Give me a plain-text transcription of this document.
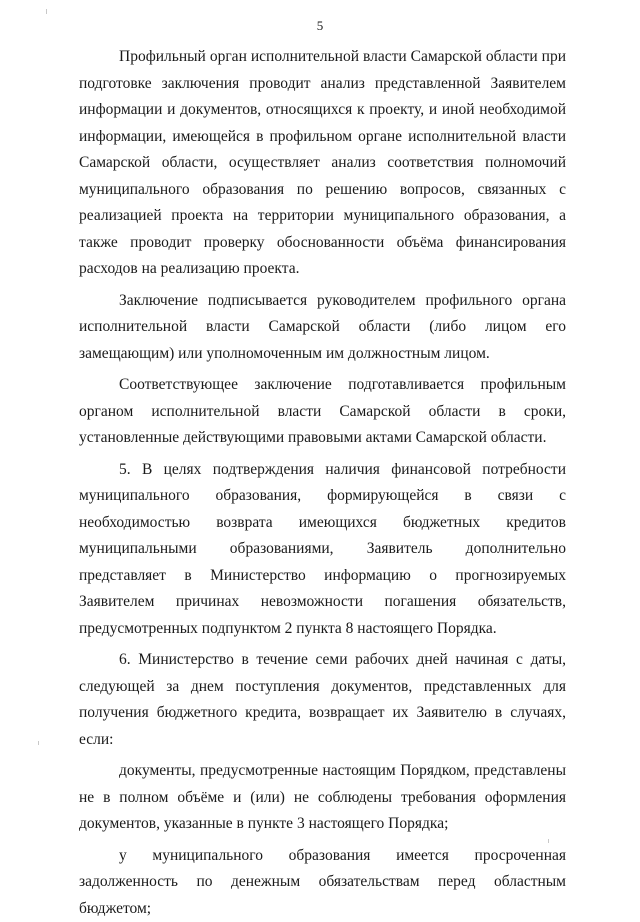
5

Профильный орган исполнительной власти Самарской области при подготовке заключения проводит анализ представленной Заявителем информации и документов, относящихся к проекту, и иной необходимой информации, имеющейся в профильном органе исполнительной власти Самарской области, осуществляет анализ соответствия полномочий муниципального образования по решению вопросов, связанных с реализацией проекта на территории муниципального образования, а также проводит проверку обоснованности объёма финансирования расходов на реализацию проекта.

Заключение подписывается руководителем профильного органа исполнительной власти Самарской области (либо лицом его замещающим) или уполномоченным им должностным лицом.

Соответствующее заключение подготавливается профильным органом исполнительной власти Самарской области в сроки, установленные действующими правовыми актами Самарской области.

5. В целях подтверждения наличия финансовой потребности муниципального образования, формирующейся в связи с необходимостью возврата имеющихся бюджетных кредитов муниципальными образованиями, Заявитель дополнительно представляет в Министерство информацию о прогнозируемых Заявителем причинах невозможности погашения обязательств, предусмотренных подпунктом 2 пункта 8 настоящего Порядка.

6. Министерство в течение семи рабочих дней начиная с даты, следующей за днем поступления документов, представленных для получения бюджетного кредита, возвращает их Заявителю в случаях, если:

документы, предусмотренные настоящим Порядком, представлены не в полном объёме и (или) не соблюдены требования оформления документов, указанные в пункте 3 настоящего Порядка;

у муниципального образования имеется просроченная задолженность по денежным обязательствам перед областным бюджетом;
